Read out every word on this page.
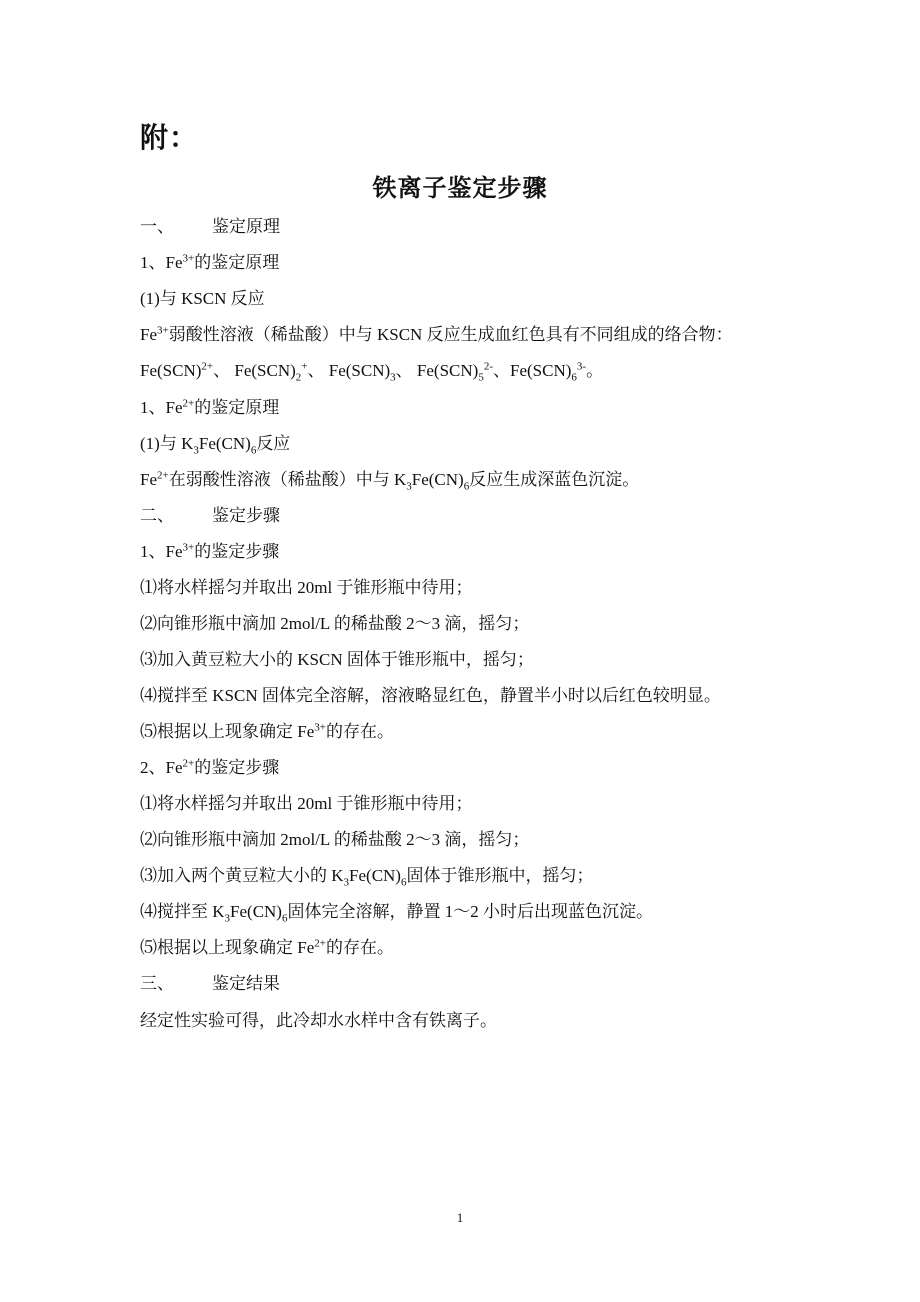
附：
铁离子鉴定步骤
一、 鉴定原理
1、$Fe^{3+}$的鉴定原理
(1)与 KSCN 反应
$Fe^{3+}$弱酸性溶液（稀盐酸）中与 KSCN 反应生成血红色具有不同组成的络合物：
Fe(SCN)$^{2+}$、 $Fe(SCN)_2^+$、 $Fe(SCN)_3$、 $Fe(SCN)_5^{2-}$、$Fe(SCN)_6^{3-}$。
1、$Fe^{2+}$的鉴定原理
(1)与 $K_3Fe(CN)_6$反应
$Fe^{2+}$在弱酸性溶液（稀盐酸）中与 $K_3Fe(CN)_6$反应生成深蓝色沉淀。
二、 鉴定步骤
1、$Fe^{3+}$的鉴定步骤
⑴将水样摇匀并取出 20ml 于锥形瓶中待用；
⑵向锥形瓶中滴加 2mol/L 的稀盐酸 2～3 滴，摇匀；
⑶加入黄豆粒大小的 KSCN 固体于锥形瓶中，摇匀；
⑷搅拌至 KSCN 固体完全溶解，溶液略显红色，静置半小时以后红色较明显。
⑸根据以上现象确定 $Fe^{3+}$的存在。
2、$Fe^{2+}$的鉴定步骤
⑴将水样摇匀并取出 20ml 于锥形瓶中待用；
⑵向锥形瓶中滴加 2mol/L 的稀盐酸 2～3 滴，摇匀；
⑶加入两个黄豆粒大小的 $K_3Fe(CN)_6$固体于锥形瓶中，摇匀；
⑷搅拌至 $K_3Fe(CN)_6$固体完全溶解，静置 1～2 小时后出现蓝色沉淀。
⑸根据以上现象确定 $Fe^{2+}$的存在。
三、 鉴定结果
经定性实验可得，此冷却水水样中含有铁离子。
1
